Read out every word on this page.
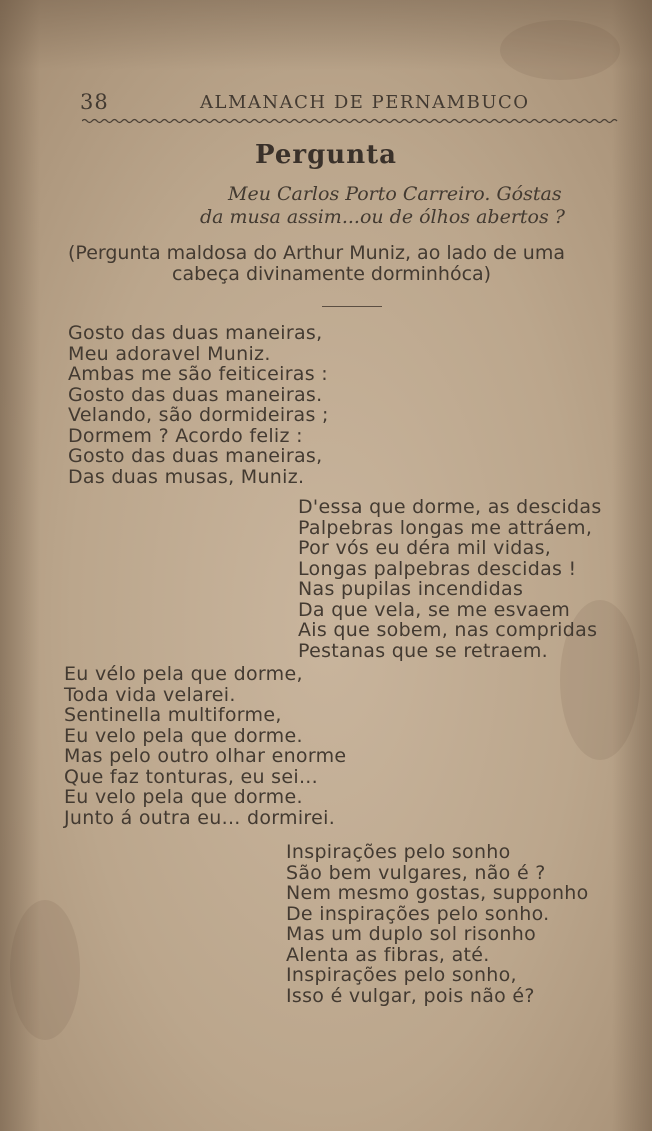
38	ALMANACH DE PERNAMBUCO
Pergunta
Meu Carlos Porto Carreiro. Góstas
da musa assim...ou de ólhos abertos ?
(Pergunta maldosa do Arthur Muniz, ao lado de uma
cabeça divinamente dorminhóca)
Gosto das duas maneiras,
Meu adoravel Muniz.
Ambas me são feiticeiras :
Gosto das duas maneiras.
Velando, são dormideiras ;
Dormem ? Acordo feliz :
Gosto das duas maneiras,
Das duas musas, Muniz.
D'essa que dorme, as descidas
Palpebras longas me attráem,
Por vós eu déra mil vidas,
Longas palpebras descidas !
Nas pupilas incendidas
Da que vela, se me esvaem
Ais que sobem, nas compridas
Pestanas que se retraem.
Eu vélo pela que dorme,
Toda vida velarei.
Sentinella multiforme,
Eu velo pela que dorme.
Mas pelo outro olhar enorme
Que faz tonturas, eu sei...
Eu velo pela que dorme.
Junto á outra eu... dormirei.
Inspirações pelo sonho
São bem vulgares, não é ?
Nem mesmo gostas, supponho
De inspirações pelo sonho.
Mas um duplo sol risonho
Alenta as fibras, até.
Inspirações pelo sonho,
Isso é vulgar, pois não é?
